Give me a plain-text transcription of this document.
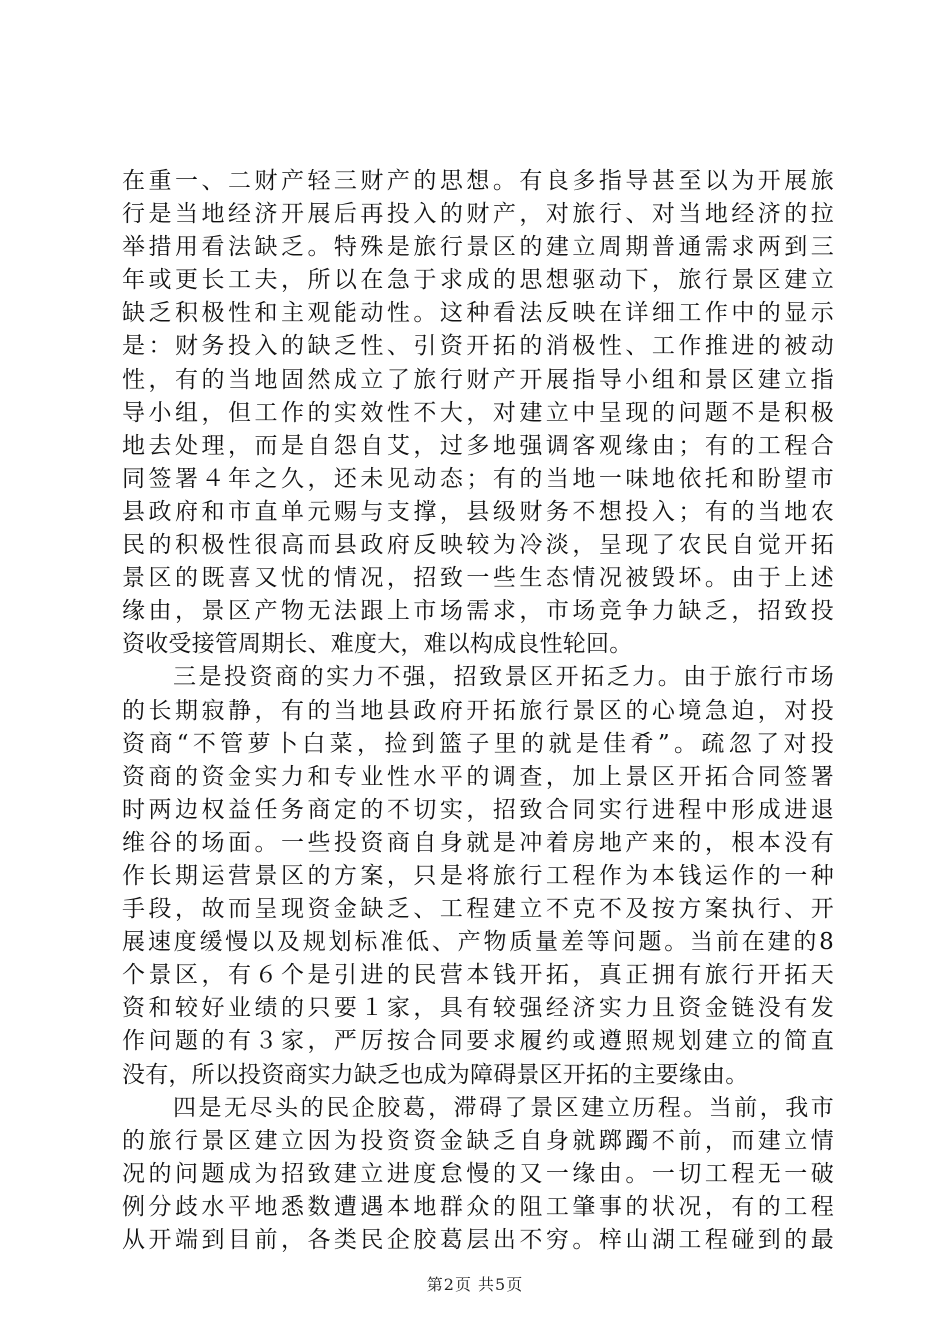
在重一、二财产轻三财产的思想。有良多指导甚至以为开展旅
行是当地经济开展后再投入的财产，对旅行、对当地经济的拉
举措用看法缺乏。特殊是旅行景区的建立周期普通需求两到三
年或更长工夫，所以在急于求成的思想驱动下，旅行景区建立
缺乏积极性和主观能动性。这种看法反映在详细工作中的显示
是：财务投入的缺乏性、引资开拓的消极性、工作推进的被动
性，有的当地固然成立了旅行财产开展指导小组和景区建立指
导小组，但工作的实效性不大，对建立中呈现的问题不是积极
地去处理，而是自怨自艾，过多地强调客观缘由；有的工程合
同签署４年之久，还未见动态；有的当地一味地依托和盼望市
县政府和市直单元赐与支撑，县级财务不想投入；有的当地农
民的积极性很高而县政府反映较为冷淡，呈现了农民自觉开拓
景区的既喜又忧的情况，招致一些生态情况被毁坏。由于上述
缘由，景区产物无法跟上市场需求，市场竞争力缺乏，招致投
资收受接管周期长、难度大，难以构成良性轮回。
　　三是投资商的实力不强，招致景区开拓乏力。由于旅行市场
的长期寂静，有的当地县政府开拓旅行景区的心境急迫，对投
资商“不管萝卜白菜，捡到篮子里的就是佳肴”。疏忽了对投
资商的资金实力和专业性水平的调查，加上景区开拓合同签署
时两边权益任务商定的不切实，招致合同实行进程中形成进退
维谷的场面。一些投资商自身就是冲着房地产来的，根本没有
作长期运营景区的方案，只是将旅行工程作为本钱运作的一种
手段，故而呈现资金缺乏、工程建立不克不及按方案执行、开
展速度缓慢以及规划标准低、产物质量差等问题。当前在建的8
个景区，有６个是引进的民营本钱开拓，真正拥有旅行开拓天
资和较好业绩的只要１家，具有较强经济实力且资金链没有发
作问题的有３家，严厉按合同要求履约或遵照规划建立的简直
没有，所以投资商实力缺乏也成为障碍景区开拓的主要缘由。
　　四是无尽头的民企胶葛，滞碍了景区建立历程。当前，我市
的旅行景区建立因为投资资金缺乏自身就踯躅不前，而建立情
况的问题成为招致建立进度怠慢的又一缘由。一切工程无一破
例分歧水平地悉数遭遇本地群众的阻工肇事的状况，有的工程
从开端到目前，各类民企胶葛层出不穷。梓山湖工程碰到的最
第2页 共5页
